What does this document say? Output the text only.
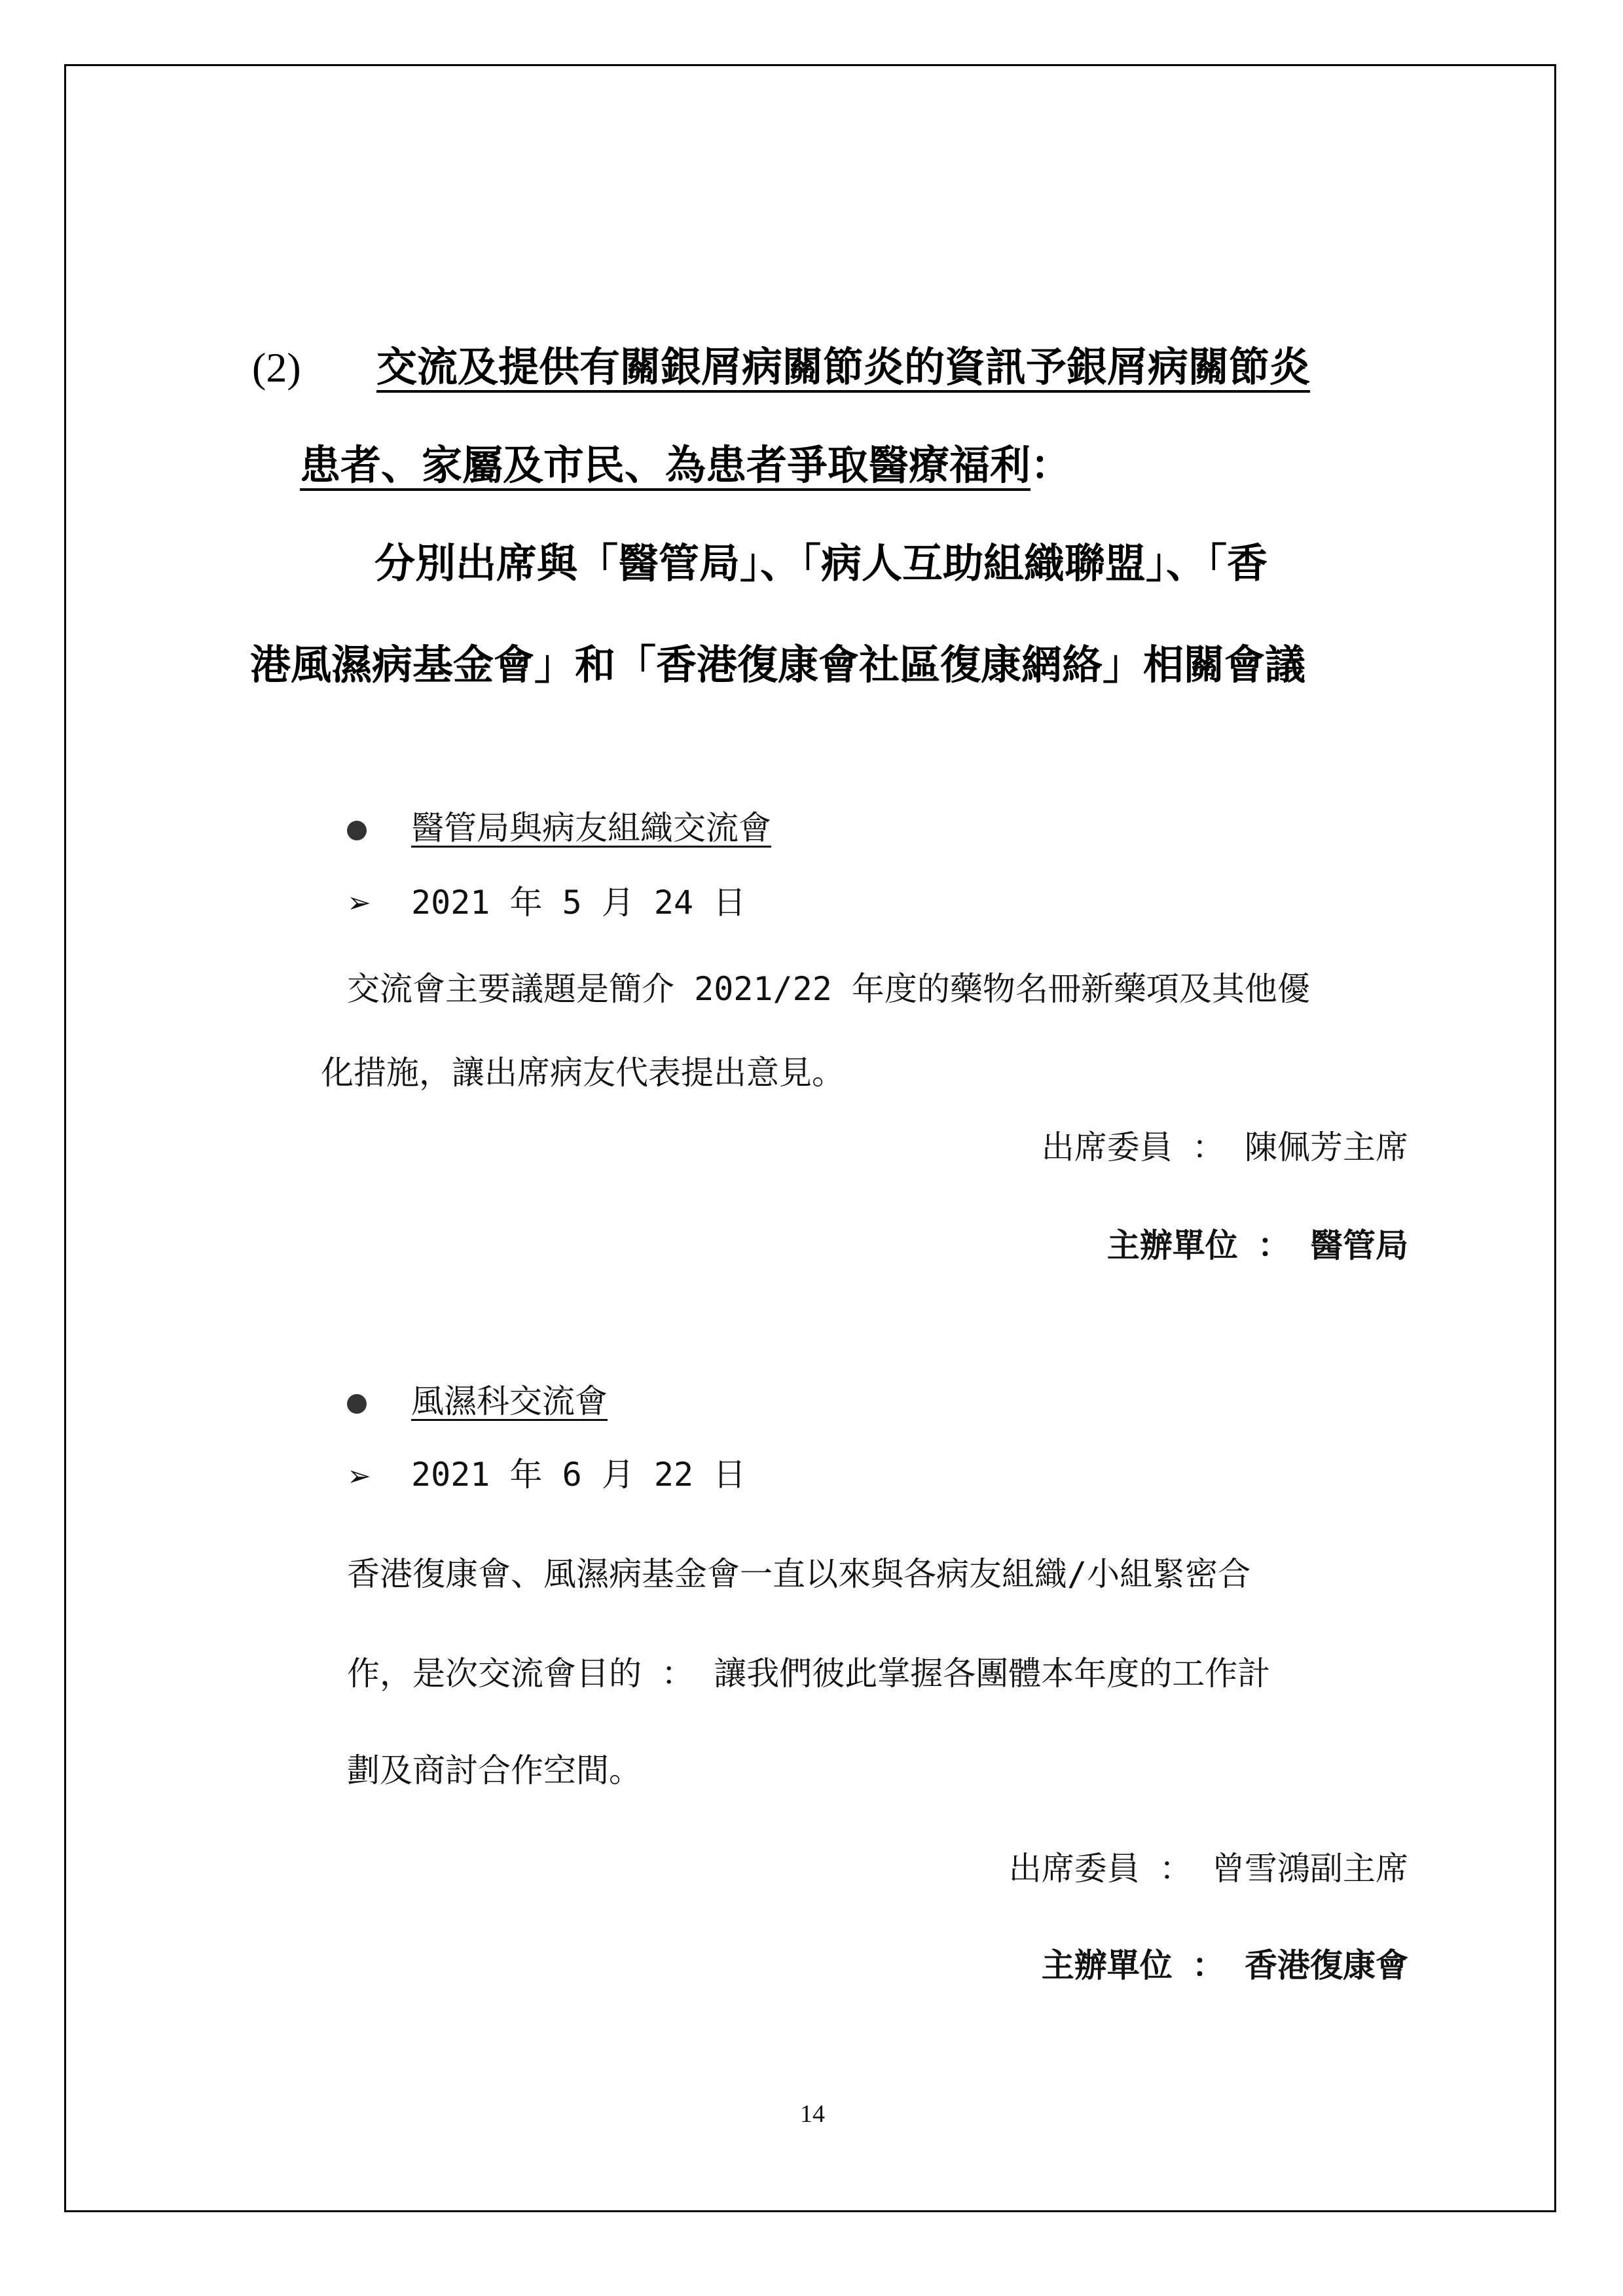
(2) 交流及提供有關銀屑病關節炎的資訊予銀屑病關節炎
患者、家屬及市民、為患者爭取醫療福利：
分別出席與「醫管局」、「病人互助組織聯盟」、「香
港風濕病基金會」和「香港復康會社區復康網絡」相關會議
醫管局與病友組織交流會
➢ 2021 年 5 月 24 日
交流會主要議題是簡介 2021/22 年度的藥物名冊新藥項及其他優
化措施，讓出席病友代表提出意見。
出席委員 ： 陳佩芳主席
主辦單位 ： 醫管局
風濕科交流會
➢ 2021 年 6 月 22 日
香港復康會、風濕病基金會一直以來與各病友組織/小組緊密合
作，是次交流會目的 ： 讓我們彼此掌握各團體本年度的工作計
劃及商討合作空間。
出席委員 ： 曾雪鴻副主席
主辦單位 ： 香港復康會
14
